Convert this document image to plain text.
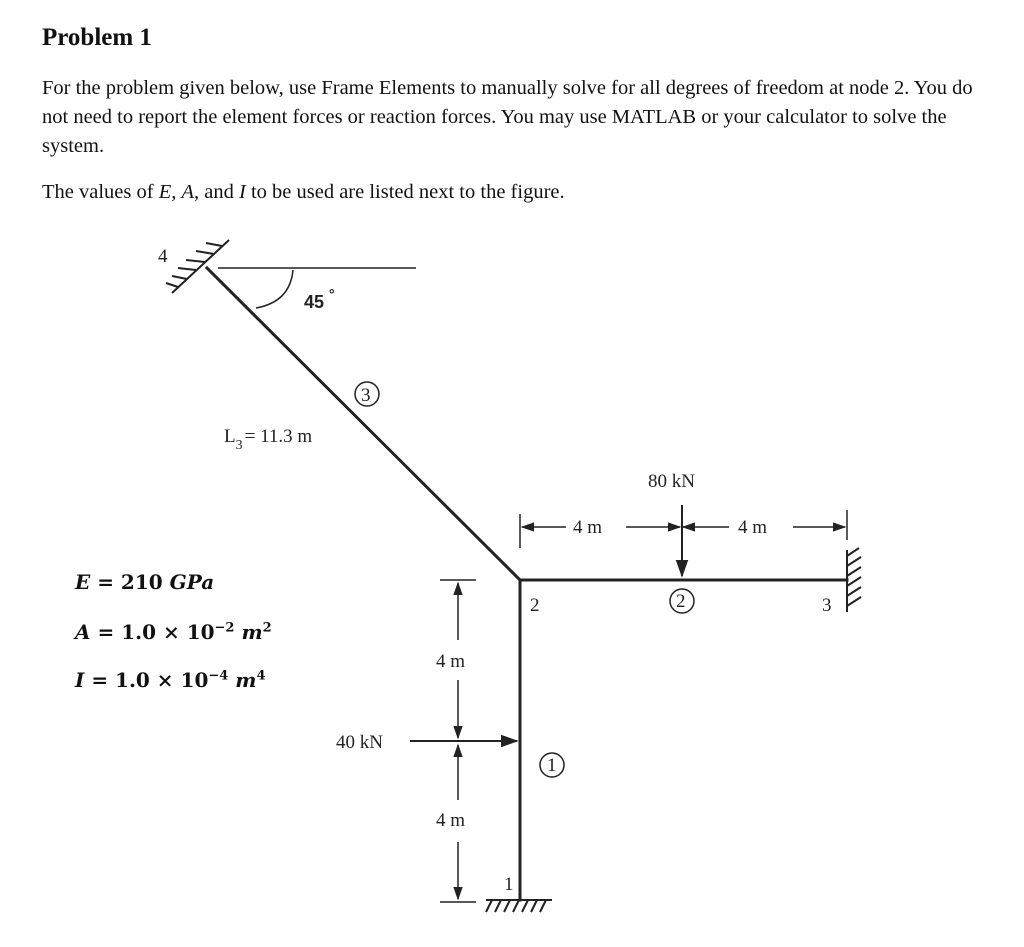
Problem 1

For the problem given below, use Frame Elements to manually solve for all degrees of freedom at node 2. You do not need to report the element forces or reaction forces. You may use MATLAB or your calculator to solve the system.

The values of E, A, and I to be used are listed next to the figure.

E = 210 GPa
$A = 1.0 \times 10^{-2}$ $m^2$
$I = 1.0 \times 10^{-4}$ $m^4$
4
45 °
3
$L_3 = 11.3$ m
80 kN
4 m	4 m
2	2	3
4 m
40 kN
1
4 m
1
